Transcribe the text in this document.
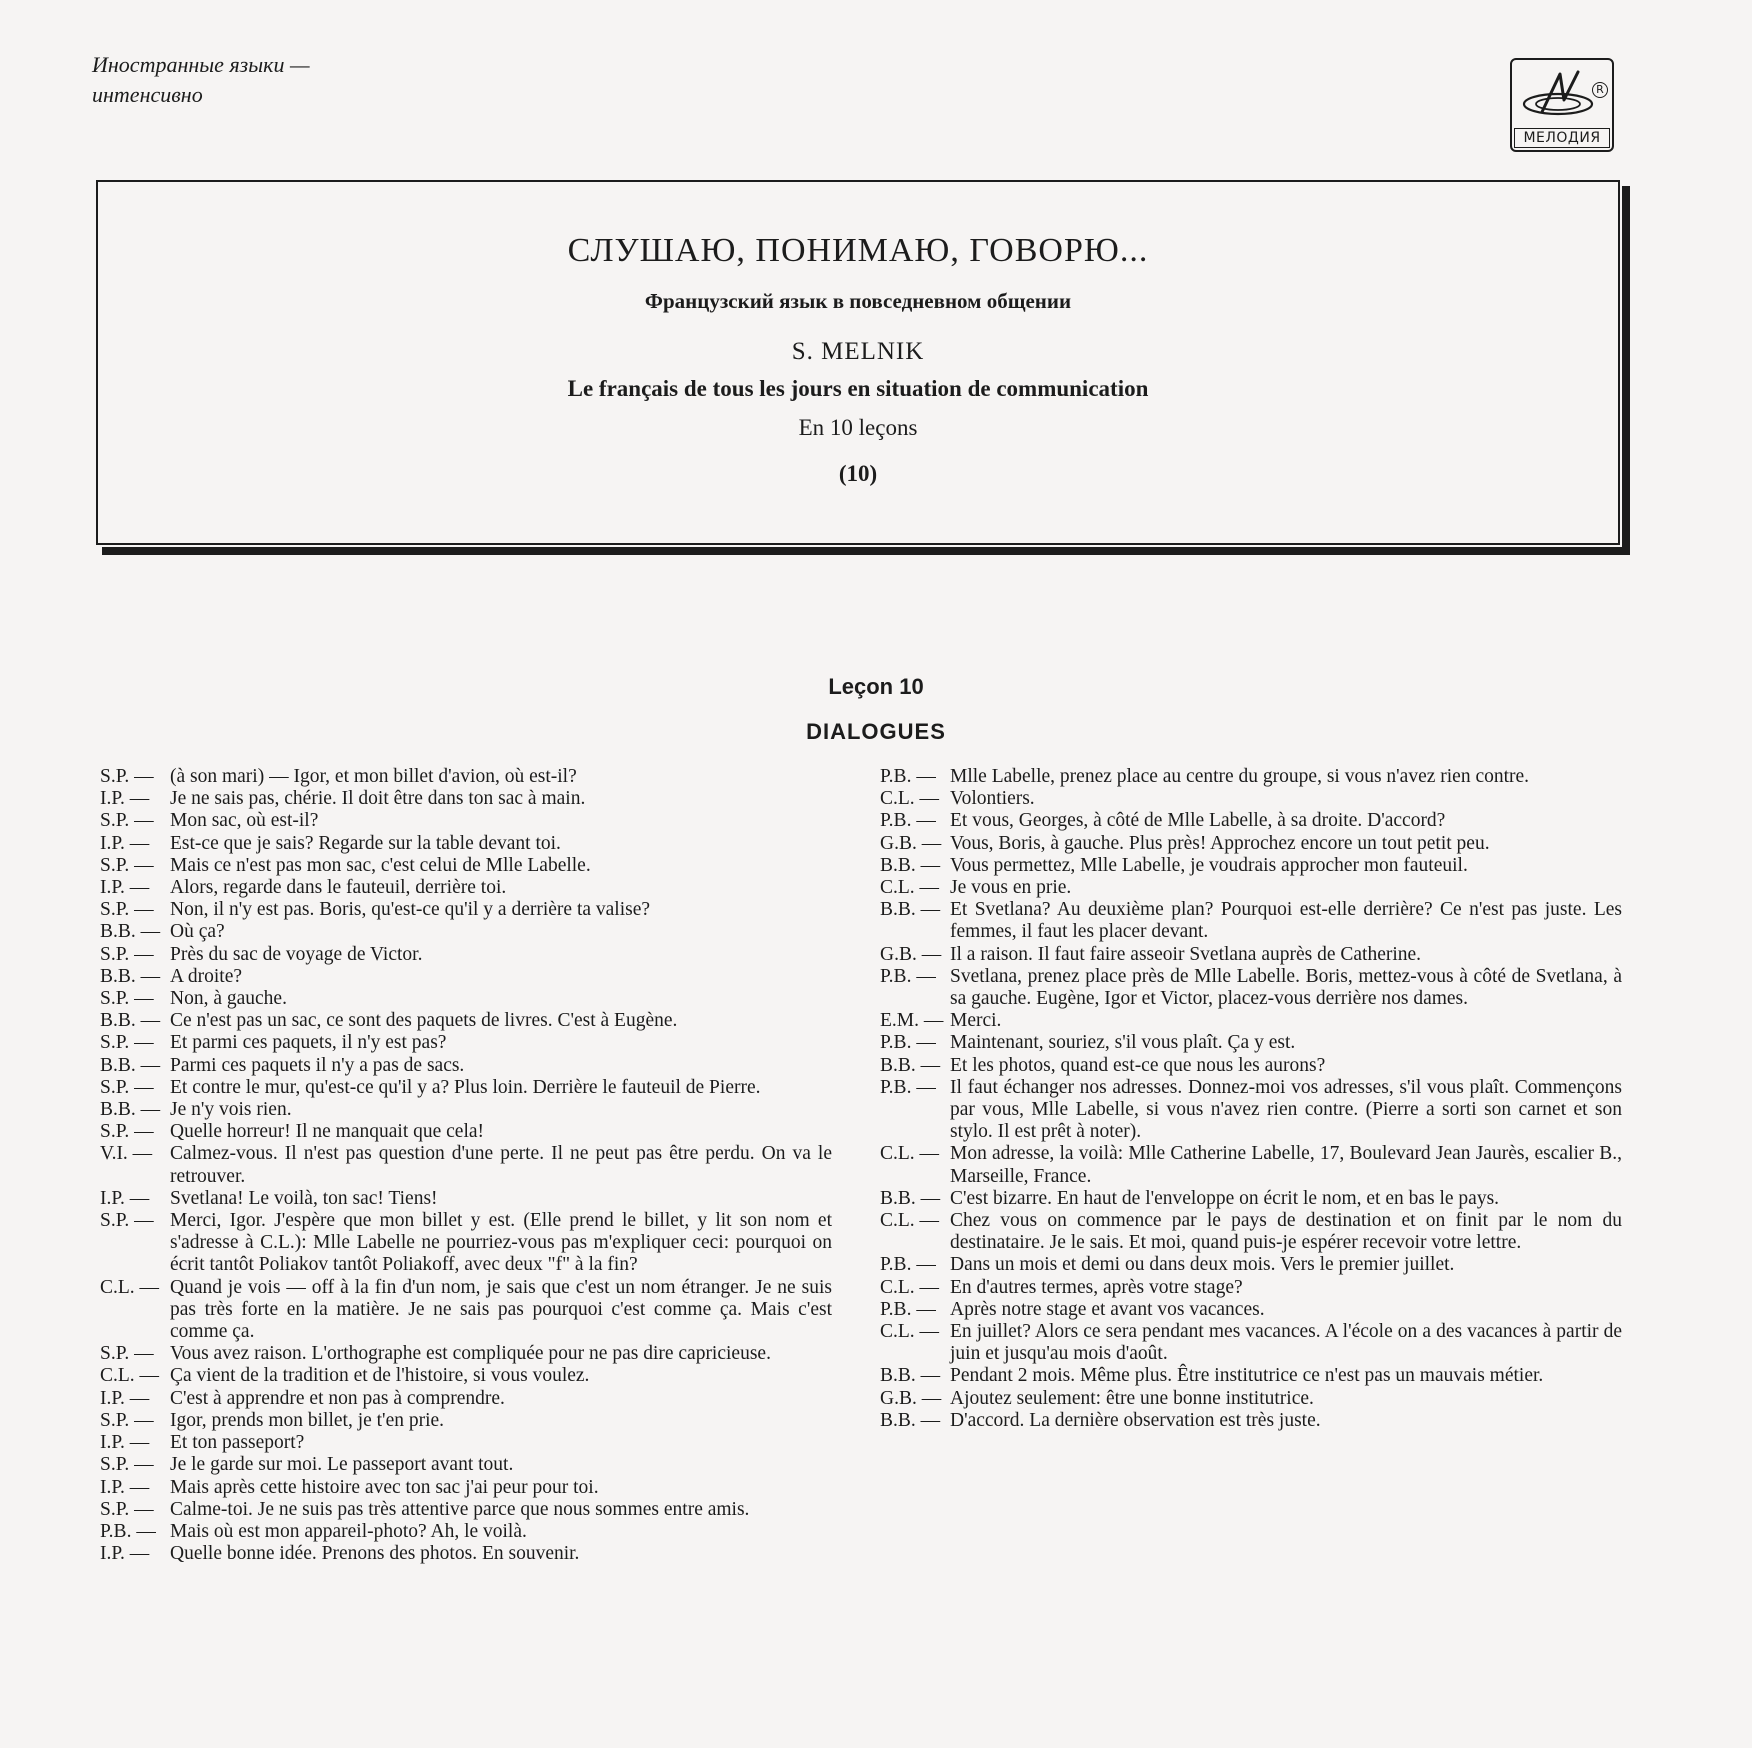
Иностранные языки —
интенсивно	R
МЕЛОДИЯ
СЛУШАЮ, ПОНИМАЮ, ГОВОРЮ...
Французский язык в повседневном общении
S. MELNIK
Le français de tous les jours en situation de communication
En 10 leçons
(10)
Leçon 10
DIALOGUES
S.P. — (à son mari) — Igor, et mon billet d'avion, où est-il?
I.P. —	Je ne sais pas, chérie. Il doit être dans ton sac à main.
S.P. — Mon sac, où est-il?
I.P. —	Est-ce que je sais? Regarde sur la table devant toi.
S.P. — Mais ce n'est pas mon sac, c'est celui de Mlle Labelle.
I.P. —	Alors, regarde dans le fauteuil, derrière toi.
S.P. — Non, il n'y est pas. Boris, qu'est-ce qu'il y a derrière ta valise?
B.B. — Où ça?
S.P. — Près du sac de voyage de Victor.
B.B. — A droite?
S.P. — Non, à gauche.
B.B. — Ce n'est pas un sac, ce sont des paquets de livres. C'est à Eugène.
S.P. — Et parmi ces paquets, il n'y est pas?
B.B. — Parmi ces paquets il n'y a pas de sacs.
S.P. — Et contre le mur, qu'est-ce qu'il y a? Plus loin. Derrière le fauteuil de Pierre.
B.B. — Je n'y vois rien.
S.P. — Quelle horreur! Il ne manquait que cela!
V.I. — Calmez-vous. Il n'est pas question d'une perte. Il ne peut pas être perdu. On va le retrouver.
I.P. —	Svetlana! Le voilà, ton sac! Tiens!
S.P. — Merci, Igor. J'espère que mon billet y est. (Elle prend le billet, y lit son nom et s'adresse à C.L.): Mlle Labelle ne pourriez-vous pas m'expliquer ceci: pourquoi on écrit tantôt Poliakov tantôt Poliakoff, avec deux "f" à la fin?
C.L. — Quand je vois — off à la fin d'un nom, je sais que c'est un nom étranger. Je ne suis pas très forte en la matière. Je ne sais pas pourquoi c'est comme ça. Mais c'est comme ça.
S.P. — Vous avez raison. L'orthographe est compliquée pour ne pas dire capricieuse.
C.L. — Ça vient de la tradition et de l'histoire, si vous voulez.
I.P. —	C'est à apprendre et non pas à comprendre.
S.P. — Igor, prends mon billet, je t'en prie.
I.P. —	Et ton passeport?
S.P. — Je le garde sur moi. Le passeport avant tout.
I.P. —	Mais après cette histoire avec ton sac j'ai peur pour toi.
S.P. — Calme-toi. Je ne suis pas très attentive parce que nous sommes entre amis.
P.B. — Mais où est mon appareil-photo? Ah, le voilà.
I.P. —	Quelle bonne idée. Prenons des photos. En souvenir.
P.B. — Mlle Labelle, prenez place au centre du groupe, si vous n'avez rien contre.
C.L. — Volontiers.
P.B. — Et vous, Georges, à côté de Mlle Labelle, à sa droite. D'accord?
G.B. — Vous, Boris, à gauche. Plus près! Approchez encore un tout petit peu.
B.B. — Vous permettez, Mlle Labelle, je voudrais approcher mon fauteuil.
C.L. — Je vous en prie.
B.B. — Et Svetlana? Au deuxième plan? Pourquoi est-elle derrière? Ce n'est pas juste. Les femmes, il faut les placer devant.
G.B. — Il a raison. Il faut faire asseoir Svetlana auprès de Catherine.
P.B. — Svetlana, prenez place près de Mlle Labelle. Boris, mettez-vous à côté de Svetlana, à sa gauche. Eugène, Igor et Victor, placez-vous derrière nos dames.
E.M. — Merci.
P.B. — Maintenant, souriez, s'il vous plaît. Ça y est.
B.B. — Et les photos, quand est-ce que nous les aurons?
P.B. — Il faut échanger nos adresses. Donnez-moi vos adresses, s'il vous plaît. Commençons par vous, Mlle Labelle, si vous n'avez rien contre. (Pierre a sorti son carnet et son stylo. Il est prêt à noter).
C.L. — Mon adresse, la voilà: Mlle Catherine Labelle, 17, Boulevard Jean Jaurès, escalier B., Marseille, France.
B.B. — C'est bizarre. En haut de l'enveloppe on écrit le nom, et en bas le pays.
C.L. — Chez vous on commence par le pays de destination et on finit par le nom du destinataire. Je le sais. Et moi, quand puis-je espérer recevoir votre lettre.
P.B. — Dans un mois et demi ou dans deux mois. Vers le premier juillet.
C.L. — En d'autres termes, après votre stage?
P.B. — Après notre stage et avant vos vacances.
C.L. — En juillet? Alors ce sera pendant mes vacances. A l'école on a des vacances à partir de juin et jusqu'au mois d'août.
B.B. — Pendant 2 mois. Même plus. Être institutrice ce n'est pas un mauvais métier.
G.B. — Ajoutez seulement: être une bonne institutrice.
B.B. — D'accord. La dernière observation est très juste.
